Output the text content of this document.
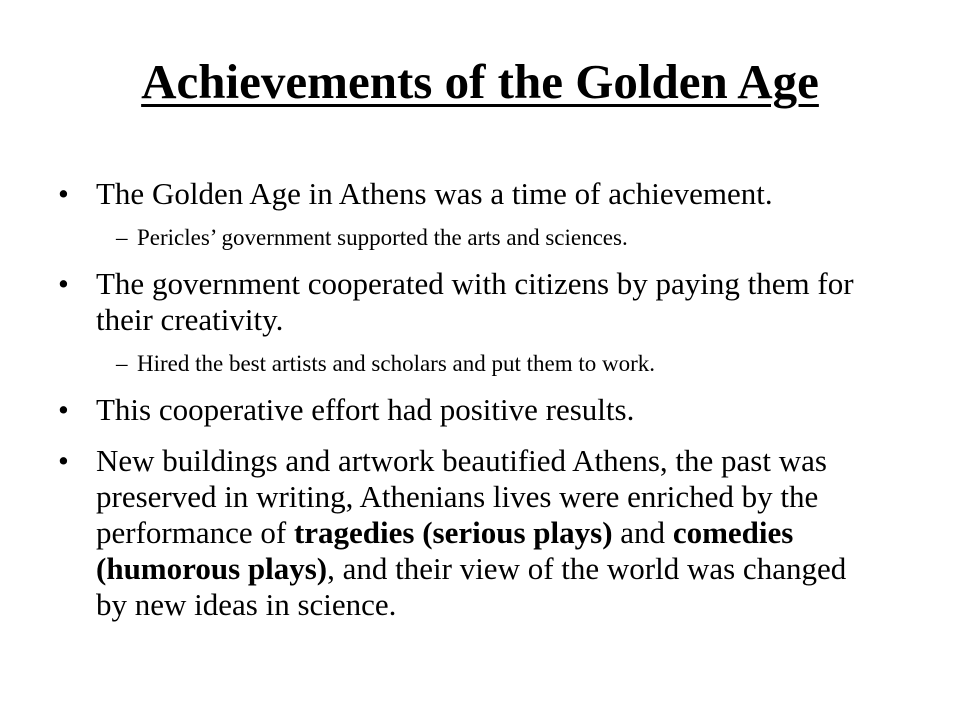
Achievements of the Golden Age

• The Golden Age in Athens was a time of achievement.

– Pericles’ government supported the arts and sciences.

• The government cooperated with citizens by paying them for their creativity.

– Hired the best artists and scholars and put them to work.

• This cooperative effort had positive results.

• New buildings and artwork beautified Athens, the past was preserved in writing, Athenians lives were enriched by the performance of tragedies (serious plays) and comedies (humorous plays), and their view of the world was changed by new ideas in science.
